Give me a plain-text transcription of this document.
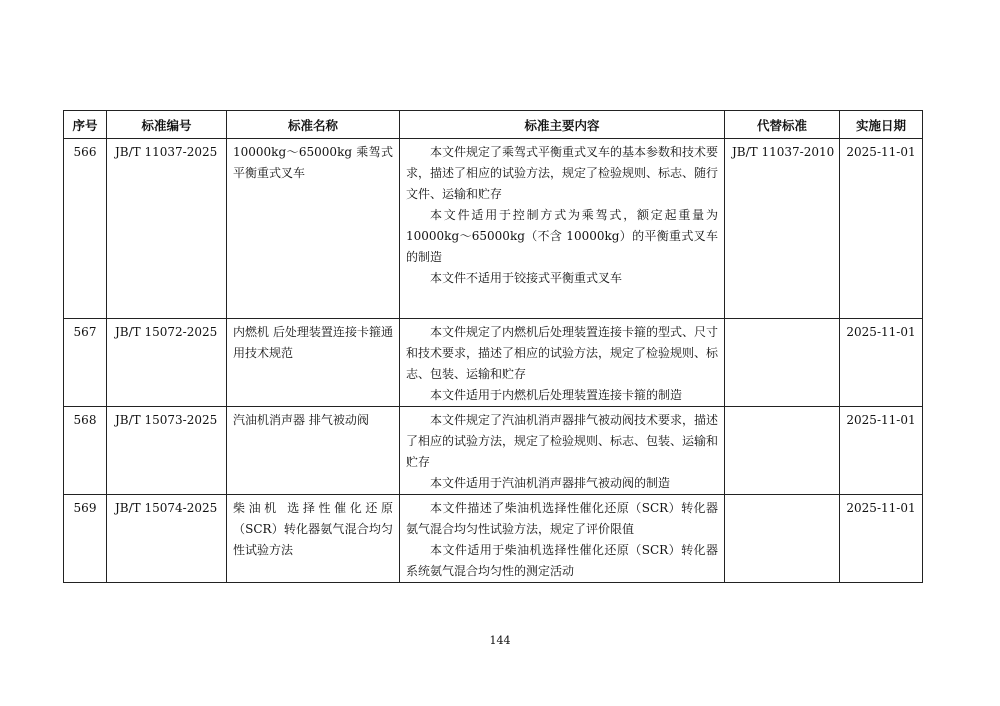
序号	标准编号	标准名称	标准主要内容	代替标准	实施日期
566	JB/T 11037-2025	10000kg～65000kg 乘驾式平衡重式叉车	本文件规定了乘驾式平衡重式叉车的基本参数和技术要求，描述了相应的试验方法，规定了检验规则、标志、随行文件、运输和贮存

本文件适用于控制方式为乘驾式，额定起重量为10000kg～65000kg（不含 10000kg）的平衡重式叉车的制造

本文件不适用于铰接式平衡重式叉车	JB/T 11037-2010	2025-11-01
567	JB/T 15072-2025	内燃机 后处理装置连接卡箍通用技术规范	本文件规定了内燃机后处理装置连接卡箍的型式、尺寸和技术要求，描述了相应的试验方法，规定了检验规则、标志、包装、运输和贮存

本文件适用于内燃机后处理装置连接卡箍的制造		2025-11-01
568	JB/T 15073-2025	汽油机消声器 排气被动阀	本文件规定了汽油机消声器排气被动阀技术要求，描述了相应的试验方法，规定了检验规则、标志、包装、运输和贮存

本文件适用于汽油机消声器排气被动阀的制造		2025-11-01
569	JB/T 15074-2025	柴油机 选择性催化还原（SCR）转化器氨气混合均匀性试验方法	本文件描述了柴油机选择性催化还原（SCR）转化器氨气混合均匀性试验方法，规定了评价限值

本文件适用于柴油机选择性催化还原（SCR）转化器系统氨气混合均匀性的测定活动		2025-11-01
144
